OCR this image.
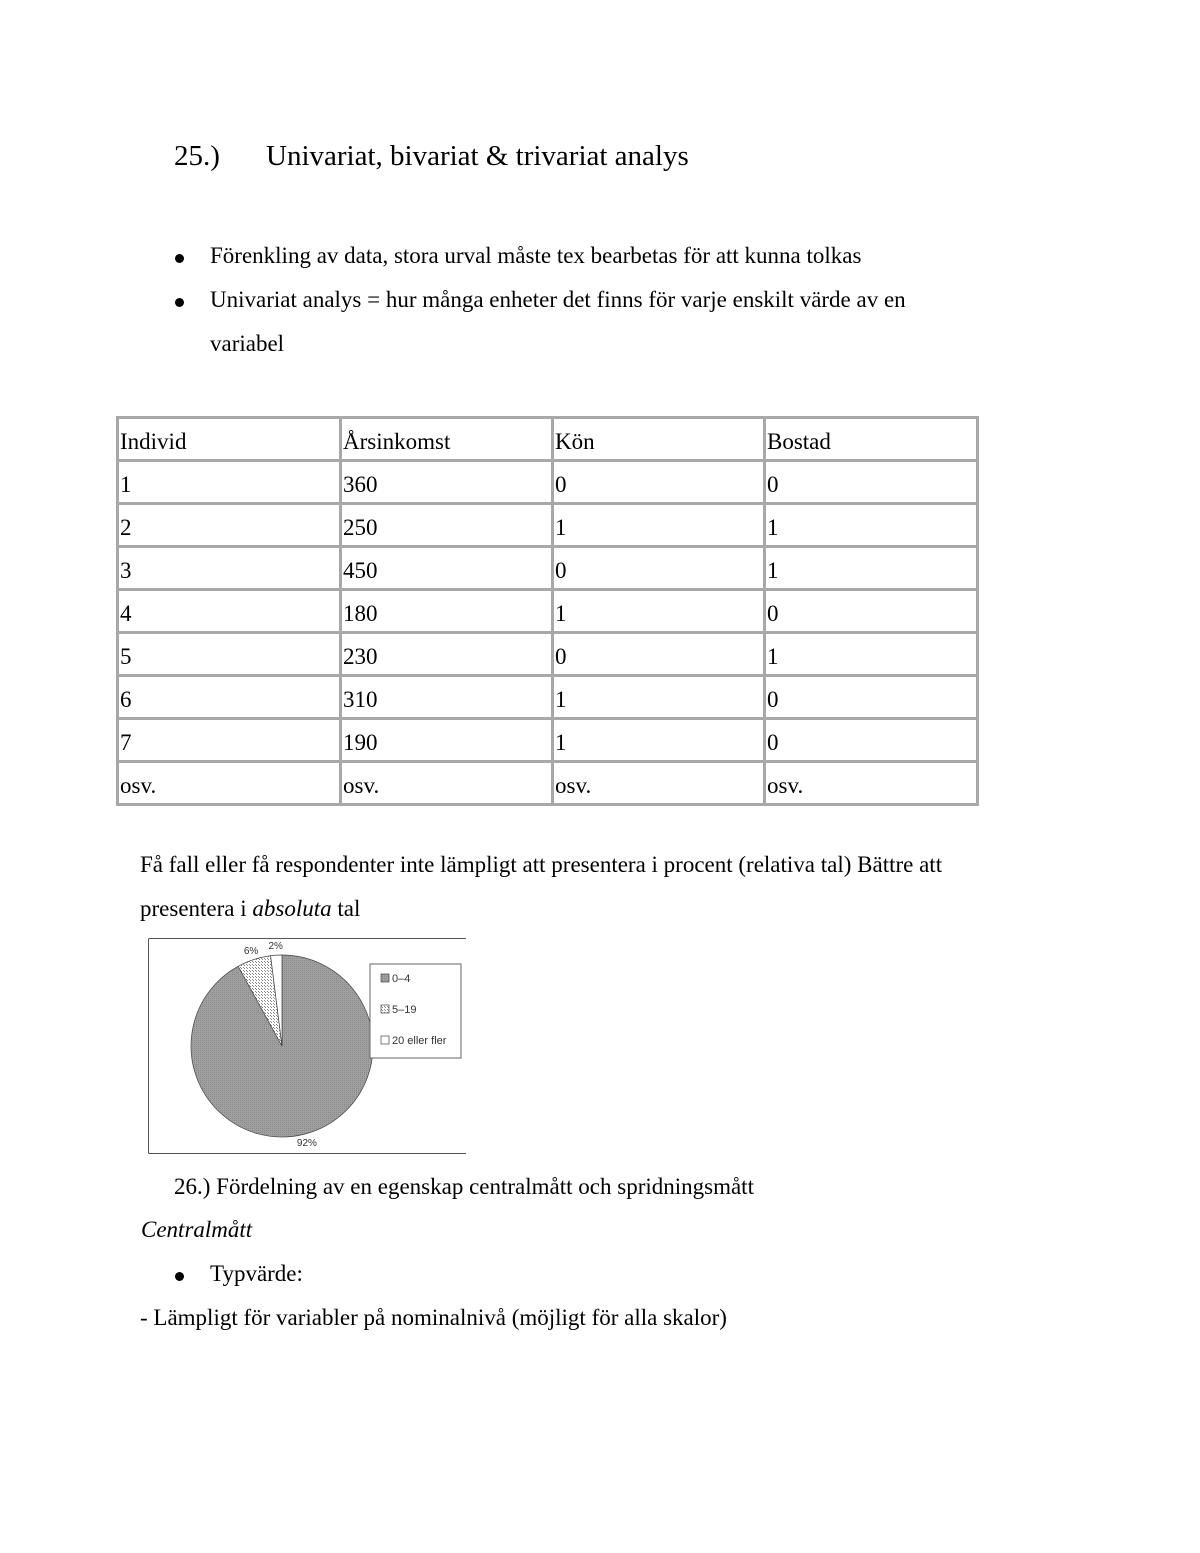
25.) Univariat, bivariat & trivariat analys
Förenkling av data, stora urval måste tex bearbetas för att kunna tolkas
Univariat analys = hur många enheter det finns för varje enskilt värde av en
variabel
Individ	Årsinkomst	Kön	Bostad
1	360	0	0
2	250	1	1
3	450	0	1
4	180	1	0
5	230	0	1
6	310	1	0
7	190	1	0
osv.	osv.	osv.	osv.
Få fall eller få respondenter inte lämpligt att presentera i procent (relativa tal) Bättre att
presentera i absoluta tal
92%
6% 2%
0–4
5–19
20 eller fler
26.) Fördelning av en egenskap centralmått och spridningsmått
Centralmått
Typvärde:
- Lämpligt för variabler på nominalnivå (möjligt för alla skalor)
